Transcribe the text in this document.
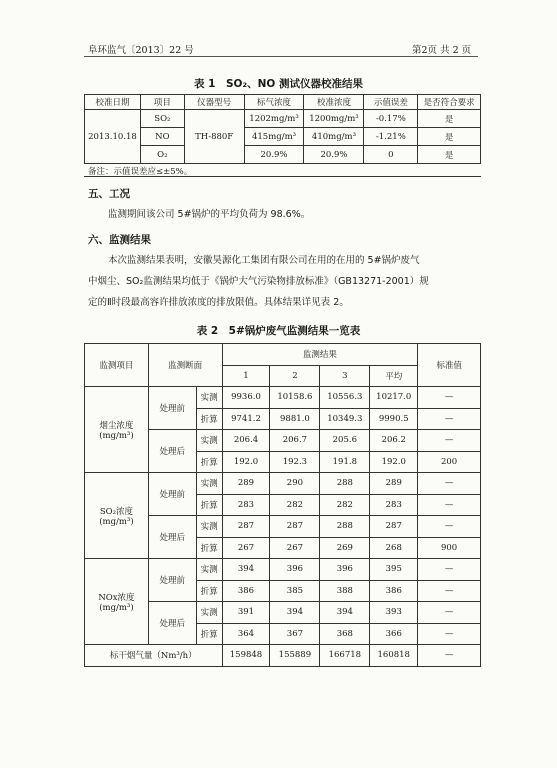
阜环监气〔2013〕22 号	第2页 共 2 页
表 1　SO₂、NO 测试仪器校准结果
校准日期	项目	仪器型号	标气浓度	校准浓度	示值误差	是否符合要求
2013.10.18	SO₂	TH-880F	1202mg/m³	1200mg/m³	-0.17%	是
	NO		415mg/m³	410mg/m³	-1.21%	是
	O₂		20.9%	20.9%	0	是
备注：示值误差应≤±5%。
五、工况
监测期间该公司 5#锅炉的平均负荷为 98.6%。
六、监测结果
本次监测结果表明，安徽昊源化工集团有限公司在用的在用的 5#锅炉废气
中烟尘、SO₂监测结果均低于《锅炉大气污染物排放标准》（GB13271-2001）规
定的Ⅱ时段最高容许排放浓度的排放限值。具体结果详见表 2。
表 2　5#锅炉废气监测结果一览表
监测项目	监测断面		监测结果				标准值
			1	2	3	平均	
烟尘浓度
(mg/m³)	处理前	实测	9936.0	10158.6	10556.3	10217.0	—
		折算	9741.2	9881.0	10349.3	9990.5	—
	处理后	实测	206.4	206.7	205.6	206.2	—
		折算	192.0	192.3	191.8	192.0	200
SO₂浓度
(mg/m³)	处理前	实测	289	290	288	289	—
		折算	283	282	282	283	—
	处理后	实测	287	287	288	287	—
		折算	267	267	269	268	900
NOx浓度
(mg/m³)	处理前	实测	394	396	396	395	—
		折算	386	385	388	386	—
	处理后	实测	391	394	394	393	—
		折算	364	367	368	366	—
标干烟气量（Nm³/h）			159848	155889	166718	160818	—
